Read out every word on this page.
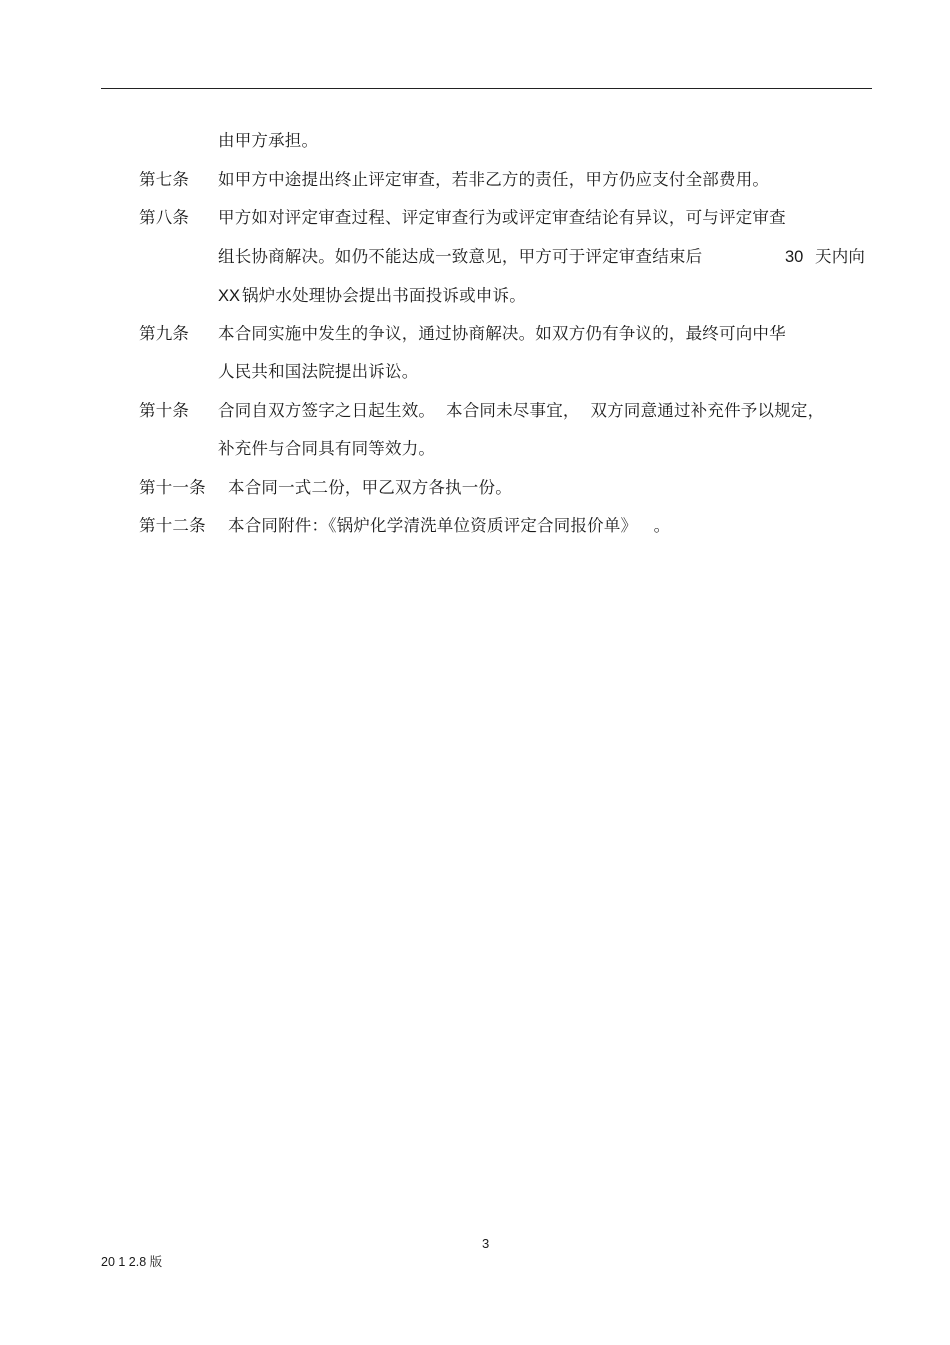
由甲方承担。
第七条 如甲方中途提出终止评定审查，若非乙方的责任，甲方仍应支付全部费用。
第八条 甲方如对评定审查过程、评定审查行为或评定审查结论有异议，可与评定审查
组长协商解决。如仍不能达成一致意见，甲方可于评定审查结束后	30 天内向
XX 锅炉水处理协会提出书面投诉或申诉。
第九条 本合同实施中发生的争议，通过协商解决。如双方仍有争议的，最终可向中华
人民共和国法院提出诉讼。
第十条 合同自双方签字之日起生效。  本合同未尽事宜，  双方同意通过补充件予以规定，
补充件与合同具有同等效力。
第十一条 本合同一式二份，甲乙双方各执一份。
第十二条 本合同附件：《锅炉化学清洗单位资质评定合同报价单》   。
3
20 1 2.8 版
